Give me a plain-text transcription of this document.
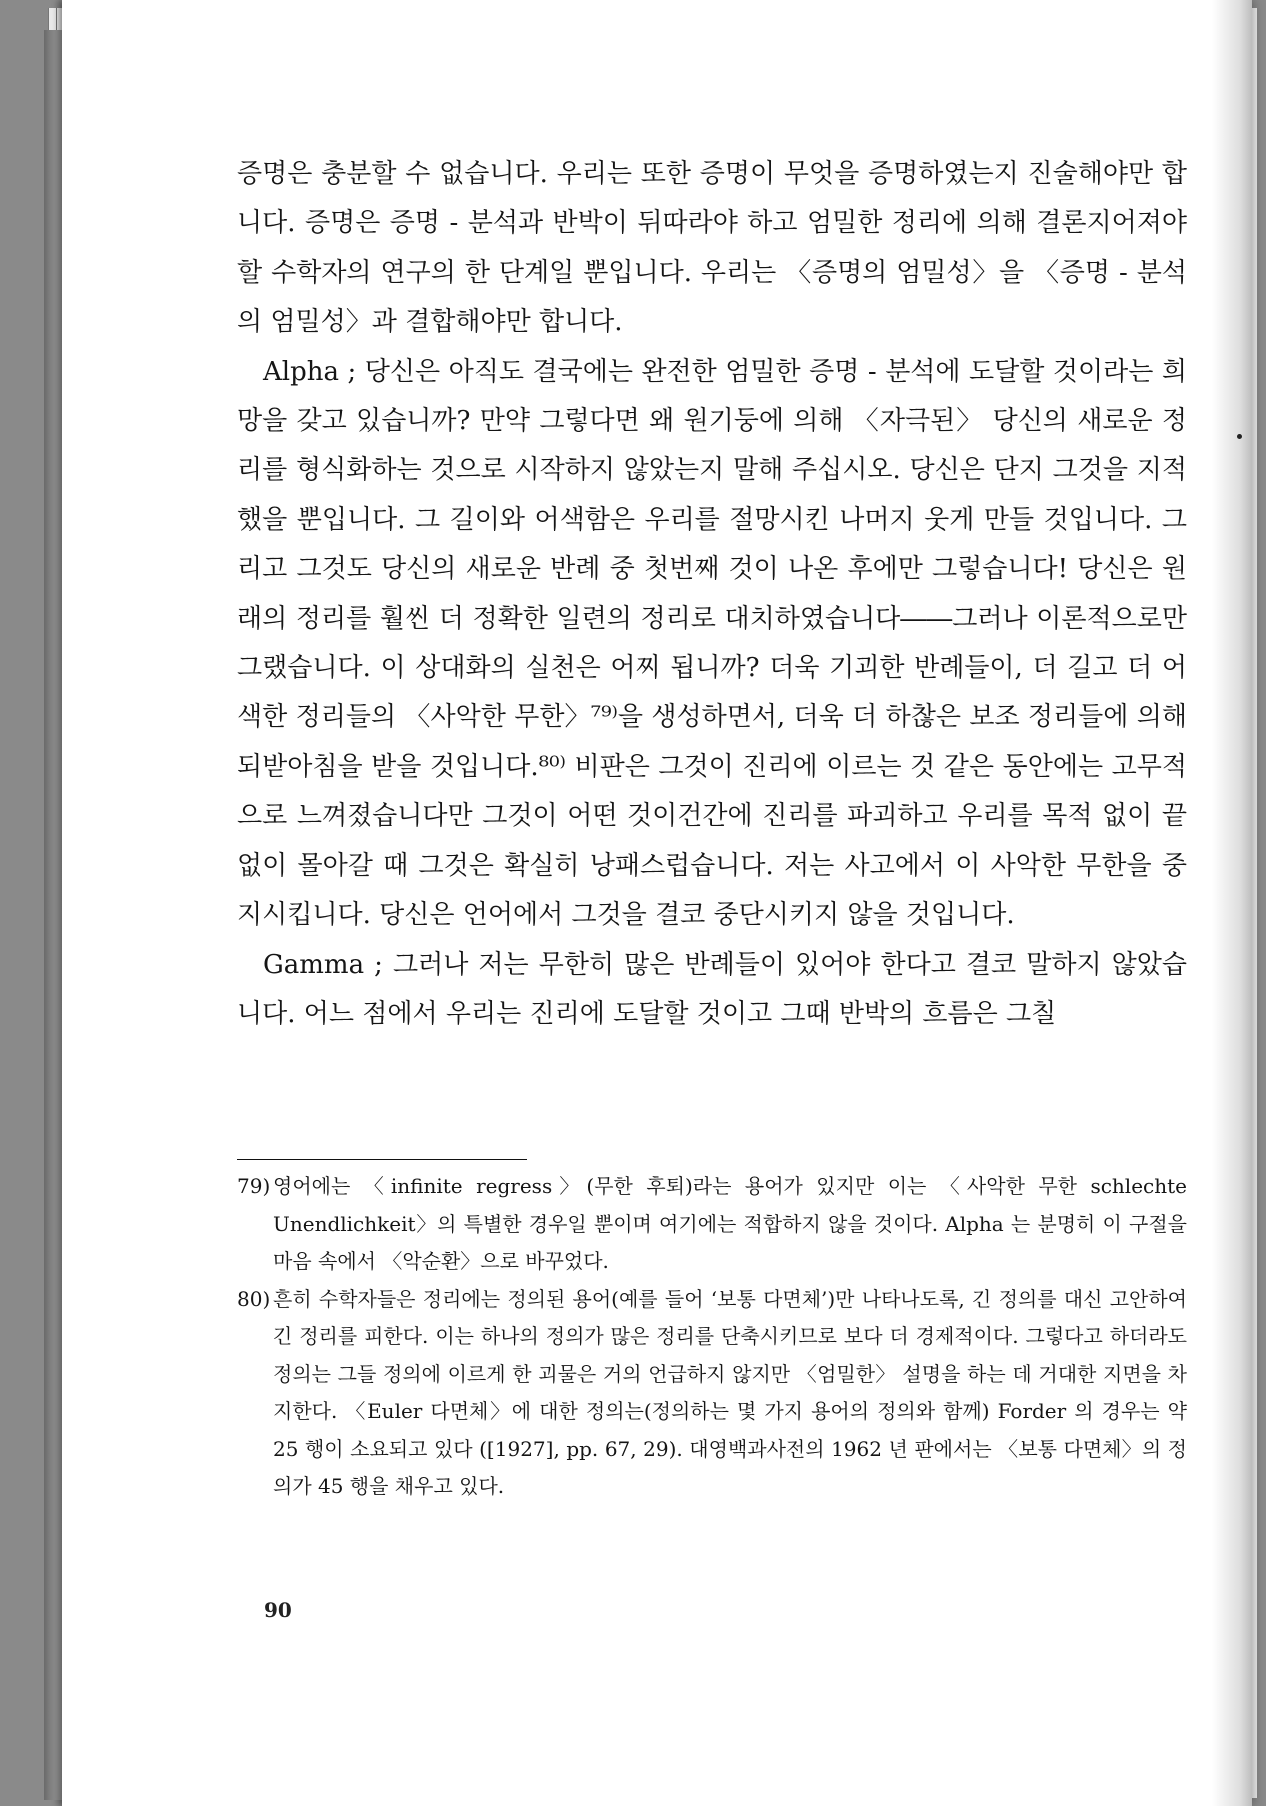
증명은 충분할 수 없습니다. 우리는 또한 증명이 무엇을 증명하였는지 진술해야만 합니다. 증명은 증명 - 분석과 반박이 뒤따라야 하고 엄밀한 정리에 의해 결론지어져야 할 수학자의 연구의 한 단계일 뿐입니다. 우리는 〈증명의 엄밀성〉을 〈증명 - 분석의 엄밀성〉과 결합해야만 합니다.

Alpha ; 당신은 아직도 결국에는 완전한 엄밀한 증명 - 분석에 도달할 것이라는 희망을 갖고 있습니까? 만약 그렇다면 왜 원기둥에 의해 〈자극된〉 당신의 새로운 정리를 형식화하는 것으로 시작하지 않았는지 말해 주십시오. 당신은 단지 그것을 지적했을 뿐입니다. 그 길이와 어색함은 우리를 절망시킨 나머지 웃게 만들 것입니다. 그리고 그것도 당신의 새로운 반례 중 첫번째 것이 나온 후에만 그렇습니다! 당신은 원래의 정리를 훨씬 더 정확한 일련의 정리로 대치하였습니다――그러나 이론적으로만 그랬습니다. 이 상대화의 실천은 어찌 됩니까? 더욱 기괴한 반례들이, 더 길고 더 어색한 정리들의 〈사악한 무한〉⁷⁹⁾을 생성하면서, 더욱 더 하찮은 보조 정리들에 의해 되받아침을 받을 것입니다.⁸⁰⁾ 비판은 그것이 진리에 이르는 것 같은 동안에는 고무적으로 느껴졌습니다만 그것이 어떤 것이건간에 진리를 파괴하고 우리를 목적 없이 끝없이 몰아갈 때 그것은 확실히 낭패스럽습니다. 저는 사고에서 이 사악한 무한을 중지시킵니다. 당신은 언어에서 그것을 결코 중단시키지 않을 것입니다.

Gamma ; 그러나 저는 무한히 많은 반례들이 있어야 한다고 결코 말하지 않았습니다. 어느 점에서 우리는 진리에 도달할 것이고 그때 반박의 흐름은 그칠

79) 영어에는 〈infinite regress〉(무한 후퇴)라는 용어가 있지만 이는 〈사악한 무한 schlechte Unendlichkeit〉의 특별한 경우일 뿐이며 여기에는 적합하지 않을 것이다. Alpha 는 분명히 이 구절을 마음 속에서 〈악순환〉으로 바꾸었다.
80) 흔히 수학자들은 정리에는 정의된 용어(예를 들어 ‘보통 다면체’)만 나타나도록, 긴 정의를 대신 고안하여 긴 정리를 피한다. 이는 하나의 정의가 많은 정리를 단축시키므로 보다 더 경제적이다. 그렇다고 하더라도 정의는 그들 정의에 이르게 한 괴물은 거의 언급하지 않지만 〈엄밀한〉 설명을 하는 데 거대한 지면을 차지한다. 〈Euler 다면체〉에 대한 정의는(정의하는 몇 가지 용어의 정의와 함께) Forder 의 경우는 약 25 행이 소요되고 있다 ([1927], pp. 67, 29). 대영백과사전의 1962 년 판에서는 〈보통 다면체〉의 정의가 45 행을 채우고 있다.
90
